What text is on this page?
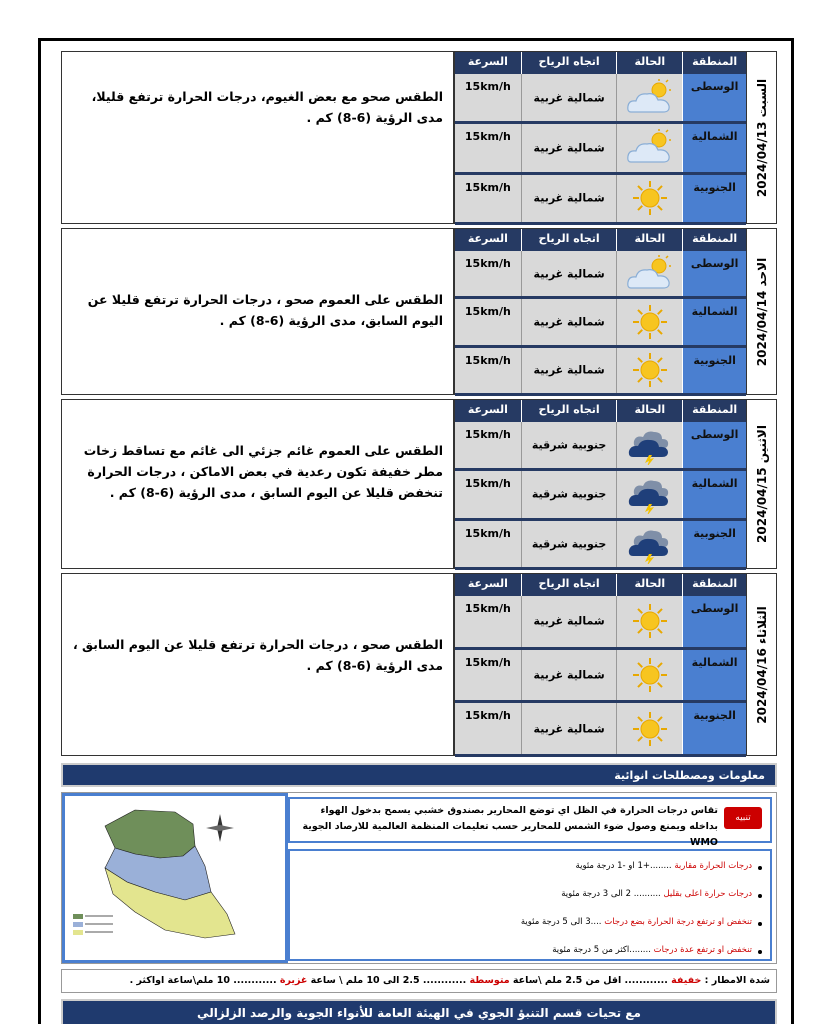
السبت 2024/04/13
المنطقة
الحالة
اتجاه الرياح
السرعة
الوسطى
شمالية غربية
15km/h
الشمالية
شمالية غربية
15km/h
الجنوبية
شمالية غربية
15km/h

الطقس صحو مع بعض الغيوم، درجات الحرارة ترتفع قليلا، مدى الرؤية (6-8) كم .

الاحد 2024/04/14
المنطقة
الحالة
اتجاه الرياح
السرعة
الوسطى
شمالية غربية
15km/h
الشمالية
شمالية غربية
15km/h
الجنوبية
شمالية غربية
15km/h

الطقس على العموم صحو ، درجات الحرارة ترتفع قليلا عن اليوم السابق، مدى الرؤية (6-8) كم .

الاثنين 2024/04/15
المنطقة
الحالة
اتجاه الرياح
السرعة
الوسطى
جنوبية شرقية
15km/h
الشمالية
جنوبية شرقية
15km/h
الجنوبية
جنوبية شرقية
15km/h

الطقس على العموم غائم جزئي الى غائم مع تساقط زخات مطر خفيفة تكون رعدية في بعض الاماكن ، درجات الحرارة تنخفض قليلا عن اليوم السابق ، مدى الرؤية (6-8) كم .

الثلاثاء 2024/04/16
المنطقة
الحالة
اتجاه الرياح
السرعة
الوسطى
شمالية غربية
15km/h
الشمالية
شمالية غربية
15km/h
الجنوبية
شمالية غربية
15km/h

الطقس صحو ، درجات الحرارة ترتفع قليلا عن اليوم السابق ، مدى الرؤية (6-8) كم .

معلومات ومصطلحات انوائية
تنبيه

تقاس درجات الحرارة في الظل اي توضع المحارير بصندوق خشبي يسمح بدخول الهواء بداخله ويمنع وصول ضوء الشمس للمحارير حسب تعليمات المنظمة العالمية للارصاد الجوية WMO

درجات الحرارة مقاربة ........+1 او -1 درجة مئوية
درجات حرارة اعلى بقليل .......... 2 الى 3 درجة مئوية
تنخفض او ترتفع درجة الحرارة بضع درجات ....3 الى 5 درجة مئوية
تنخفض او ترتفع عدة درجات ........اكثر من 5 درجة مئوية
شدة الامطار : خفيفة ............ اقل من 2.5 ملم \ساعة متوسطة ............ 2.5 الى 10 ملم \ ساعة غزيرة ............ 10 ملم\ساعة اواكثر .
مع تحيات قسم التنبؤ الجوي في الهيئة العامة للأنواء الجوية والرصد الزلزالي
